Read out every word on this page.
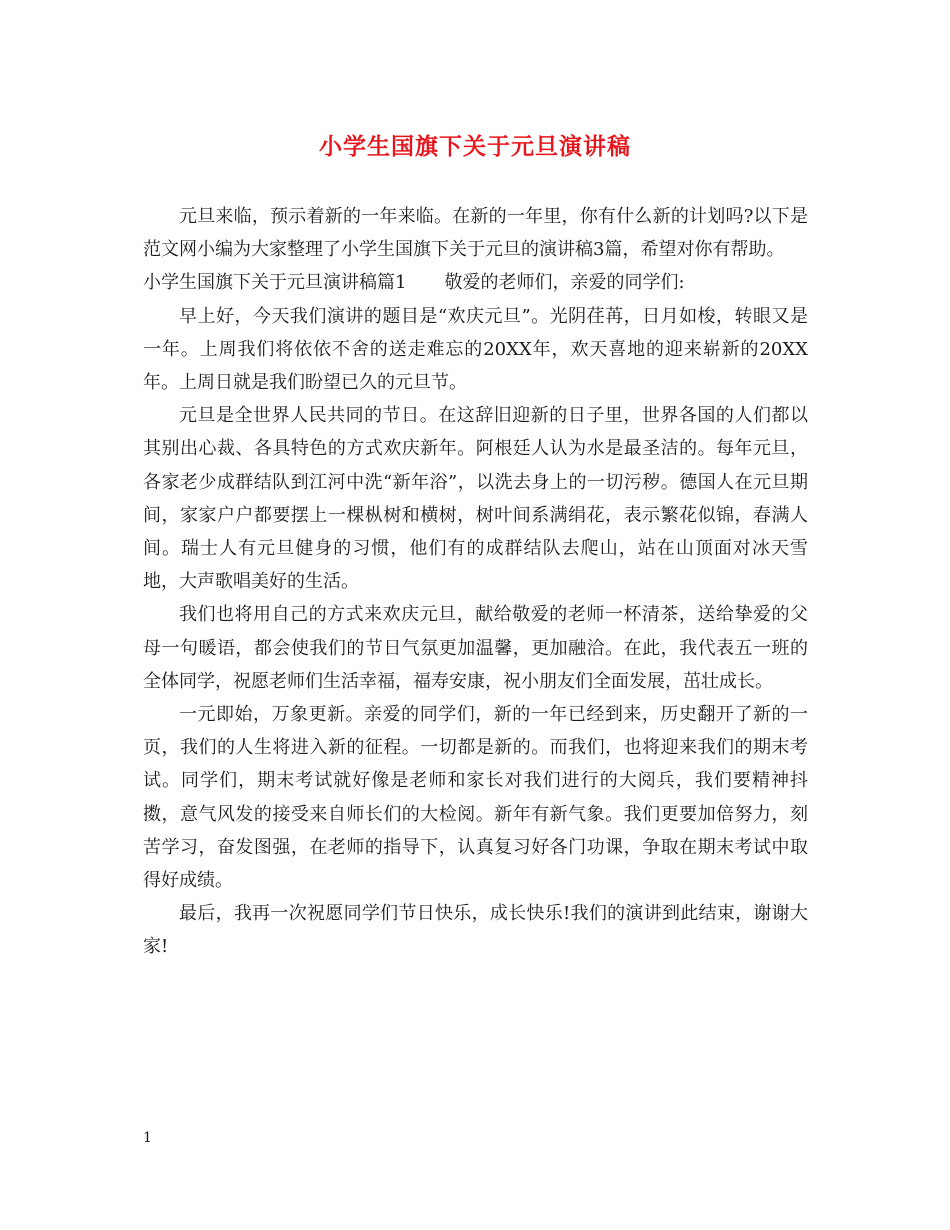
小学生国旗下关于元旦演讲稿

元旦来临，预示着新的一年来临。在新的一年里，你有什么新的计划吗?以下是范文网小编为大家整理了小学生国旗下关于元旦的演讲稿3篇，希望对你有帮助。

小学生国旗下关于元旦演讲稿篇1 敬爱的老师们，亲爱的同学们:

早上好，今天我们演讲的题目是“欢庆元旦”。光阴荏苒，日月如梭，转眼又是一年。上周我们将依依不舍的送走难忘的20XX年，欢天喜地的迎来崭新的20XX年。上周日就是我们盼望已久的元旦节。

元旦是全世界人民共同的节日。在这辞旧迎新的日子里，世界各国的人们都以其别出心裁、各具特色的方式欢庆新年。阿根廷人认为水是最圣洁的。每年元旦，各家老少成群结队到江河中洗“新年浴”，以洗去身上的一切污秽。德国人在元旦期间，家家户户都要摆上一棵枞树和横树，树叶间系满绢花，表示繁花似锦，春满人间。瑞士人有元旦健身的习惯，他们有的成群结队去爬山，站在山顶面对冰天雪地，大声歌唱美好的生活。

我们也将用自己的方式来欢庆元旦，献给敬爱的老师一杯清茶，送给挚爱的父母一句暖语，都会使我们的节日气氛更加温馨，更加融洽。在此，我代表五一班的全体同学，祝愿老师们生活幸福，福寿安康，祝小朋友们全面发展，茁壮成长。

一元即始，万象更新。亲爱的同学们，新的一年已经到来，历史翻开了新的一页，我们的人生将进入新的征程。一切都是新的。而我们，也将迎来我们的期末考试。同学们，期末考试就好像是老师和家长对我们进行的大阅兵，我们要精神抖擞，意气风发的接受来自师长们的大检阅。新年有新气象。我们更要加倍努力，刻苦学习，奋发图强，在老师的指导下，认真复习好各门功课，争取在期末考试中取得好成绩。

最后，我再一次祝愿同学们节日快乐，成长快乐!我们的演讲到此结束，谢谢大家!

1
